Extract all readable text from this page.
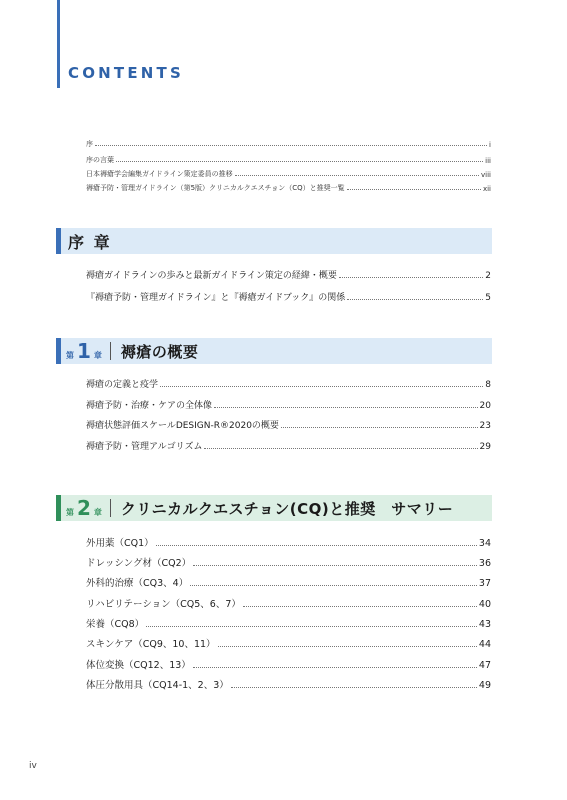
CONTENTS
序	i
序の言葉	iii
日本褥瘡学会編集ガイドライン策定委員の推移	viii
褥瘡予防・管理ガイドライン（第5版）クリニカルクエスチョン（CQ）と推奨一覧	xii
序 章
褥瘡ガイドラインの歩みと最新ガイドライン策定の経緯・概要	2
『褥瘡予防・管理ガイドライン』と『褥瘡ガイドブック』の関係	5
第 1 章 褥瘡の概要
褥瘡の定義と疫学	8
褥瘡予防・治療・ケアの全体像	20
褥瘡状態評価スケールDESIGN-R®2020の概要	23
褥瘡予防・管理アルゴリズム	29
第 2 章 クリニカルクエスチョン(CQ)と推奨　サマリー
外用薬（CQ1）	34
ドレッシング材（CQ2）	36
外科的治療（CQ3、4）	37
リハビリテーション（CQ5、6、7）	40
栄養（CQ8）	43
スキンケア（CQ9、10、11）	44
体位変換（CQ12、13）	47
体圧分散用具（CQ14-1、2、3）	49
iv
